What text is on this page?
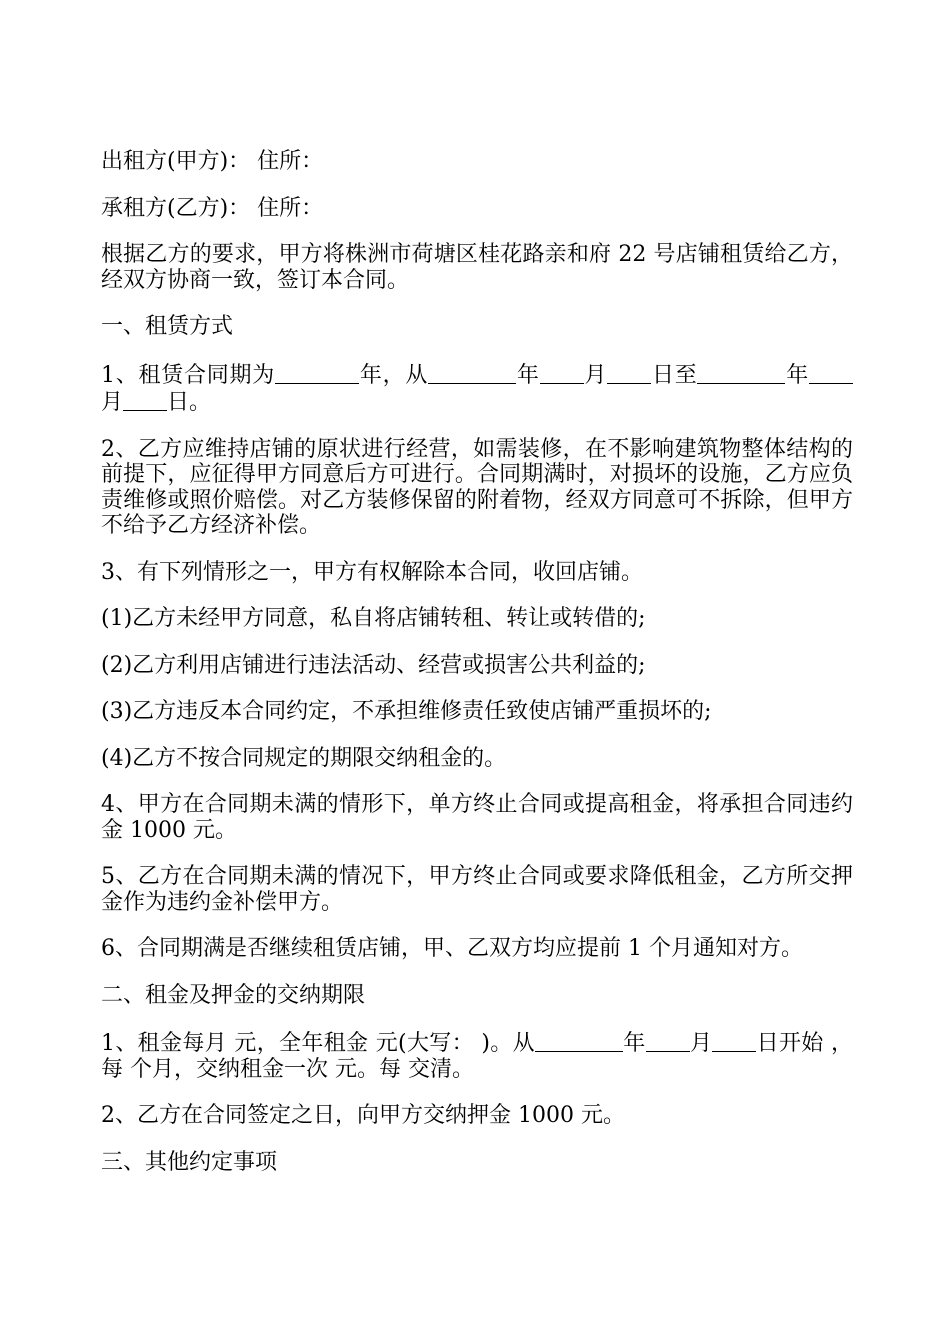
出租方(甲方)： 住所：

承租方(乙方)： 住所：

根据乙方的要求，甲方将株洲市荷塘区桂花路亲和府 22 号店铺租赁给乙方，经双方协商一致，签订本合同。

一、租赁方式

1、租赁合同期为	年，从	年 月 日至	年月 日。

2、乙方应维持店铺的原状进行经营，如需装修，在不影响建筑物整体结构的前提下，应征得甲方同意后方可进行。合同期满时，对损坏的设施，乙方应负责维修或照价赔偿。对乙方装修保留的附着物，经双方同意可不拆除，但甲方不给予乙方经济补偿。

3、有下列情形之一，甲方有权解除本合同，收回店铺。

(1)乙方未经甲方同意，私自将店铺转租、转让或转借的;

(2)乙方利用店铺进行违法活动、经营或损害公共利益的;

(3)乙方违反本合同约定，不承担维修责任致使店铺严重损坏的;

(4)乙方不按合同规定的期限交纳租金的。

4、甲方在合同期未满的情形下，单方终止合同或提高租金，将承担合同违约金 1000 元。

5、乙方在合同期未满的情况下，甲方终止合同或要求降低租金，乙方所交押金作为违约金补偿甲方。

6、合同期满是否继续租赁店铺，甲、乙双方均应提前 1 个月通知对方。

二、租金及押金的交纳期限

1、租金每月 元，全年租金 元(大写： )。从	年 月 日开始 ，每 个月，交纳租金一次 元。每 交清。

2、乙方在合同签定之日，向甲方交纳押金 1000 元。

三、其他约定事项
